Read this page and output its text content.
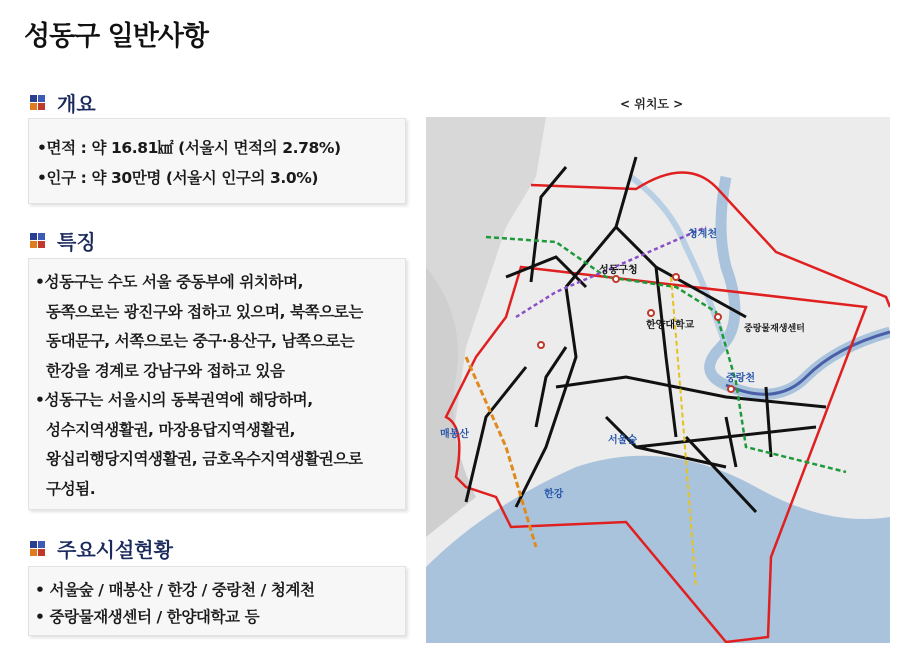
성동구 일반사항
개요
•면적 : 약 16.81㎢ (서울시 면적의 2.78%)
•인구 : 약 30만명 (서울시 인구의 3.0%)
특징
•성동구는 수도 서울 중동부에 위치하며,
동쪽으로는 광진구와 접하고 있으며, 북쪽으로는
동대문구, 서쪽으로는 중구·용산구, 남쪽으로는
한강을 경계로 강남구와 접하고 있음
•성동구는 서울시의 동북권역에 해당하며,
성수지역생활권, 마장용답지역생활권,
왕십리행당지역생활권, 금호옥수지역생활권으로
구성됨.
주요시설현황
• 서울숲 / 매봉산 / 한강 / 중랑천 / 청계천
• 중랑물재생센터 / 한양대학교 등
< 위치도 >
성동구청
한양대학교	중랑물재생센터
중랑천
서울숲
매봉산
한강
청계천
